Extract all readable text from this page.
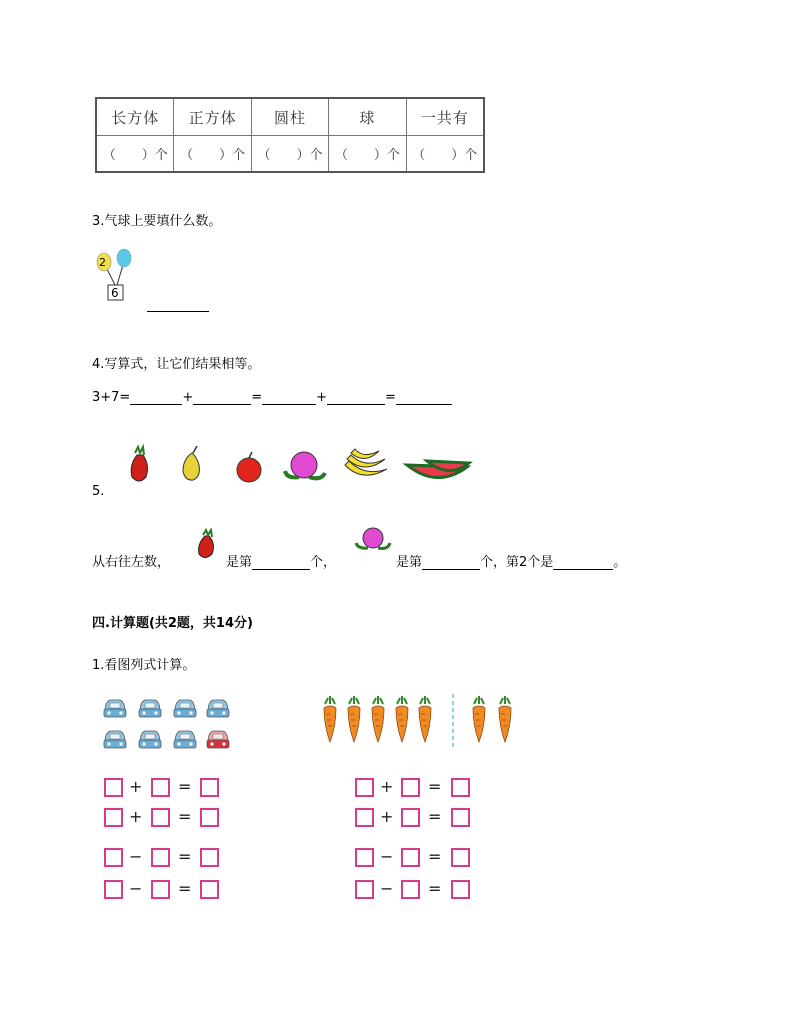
长方体	正方体	圆柱	球	一共有
（　　）个	（　　）个	（　　）个	（　　）个	（　　）个
3.气球上要填什么数。
2
6
4.写算式，让它们结果相等。
3+7=	+	=	+	=
5.
从右往左数，	是第	个，	是第	个，第2个是	。
四.计算题(共2题，共14分)
1.看图列式计算。
+ =
+ =
− =
− =
+ =
+ =
− =
− =
